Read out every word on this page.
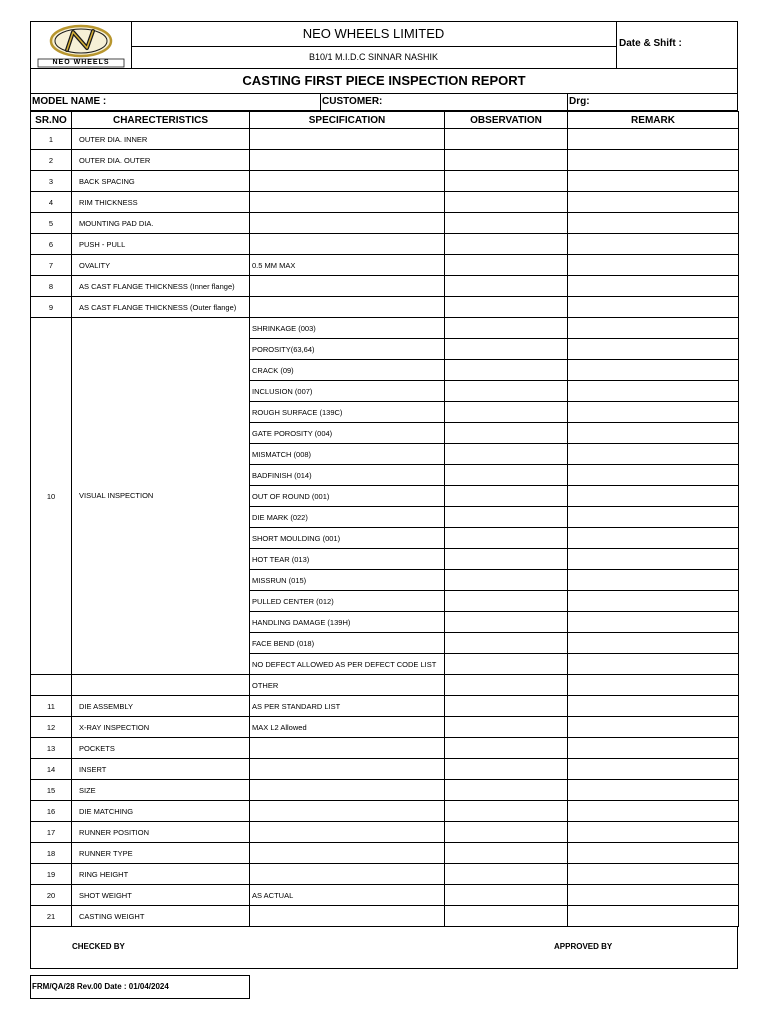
NEO WHEELS
NEO WHEELS LIMITED
B10/1 M.I.D.C SINNAR NASHIK
Date & Shift :
CASTING FIRST PIECE INSPECTION REPORT
MODEL NAME :	CUSTOMER:	Drg:
SR.NO	CHARECTERISTICS	SPECIFICATION	OBSERVATION	REMARK
1	OUTER DIA. INNER			
2	OUTER DIA. OUTER			
3	BACK SPACING			
4	RIM THICKNESS			
5	MOUNTING PAD DIA.			
6	PUSH - PULL			
7	OVALITY	0.5 MM MAX		
8	AS CAST FLANGE THICKNESS (Inner flange)			
9	AS CAST FLANGE THICKNESS (Outer flange)			
10	VISUAL INSPECTION	SHRINKAGE (003)		
		POROSITY(63,64)		
		CRACK (09)		
		INCLUSION (007)		
		ROUGH SURFACE (139C)		
		GATE POROSITY (004)		
		MISMATCH (008)		
		BADFINISH (014)		
		OUT OF ROUND (001)		
		DIE MARK (022)		
		SHORT MOULDING (001)		
		HOT TEAR (013)		
		MISSRUN (015)		
		PULLED CENTER (012)		
		HANDLING DAMAGE (139H)		
		FACE BEND (018)		
		NO DEFECT ALLOWED AS PER DEFECT CODE LIST		
		OTHER		
11	DIE ASSEMBLY	AS PER STANDARD LIST		
12	X-RAY INSPECTION	MAX L2 Allowed		
13	POCKETS			
14	INSERT			
15	SIZE			
16	DIE MATCHING			
17	RUNNER POSITION			
18	RUNNER TYPE			
19	RING HEIGHT			
20	SHOT WEIGHT	AS ACTUAL		
21	CASTING WEIGHT			
CHECKED BY	APPROVED BY
FRM/QA/28 Rev.00 Date : 01/04/2024
